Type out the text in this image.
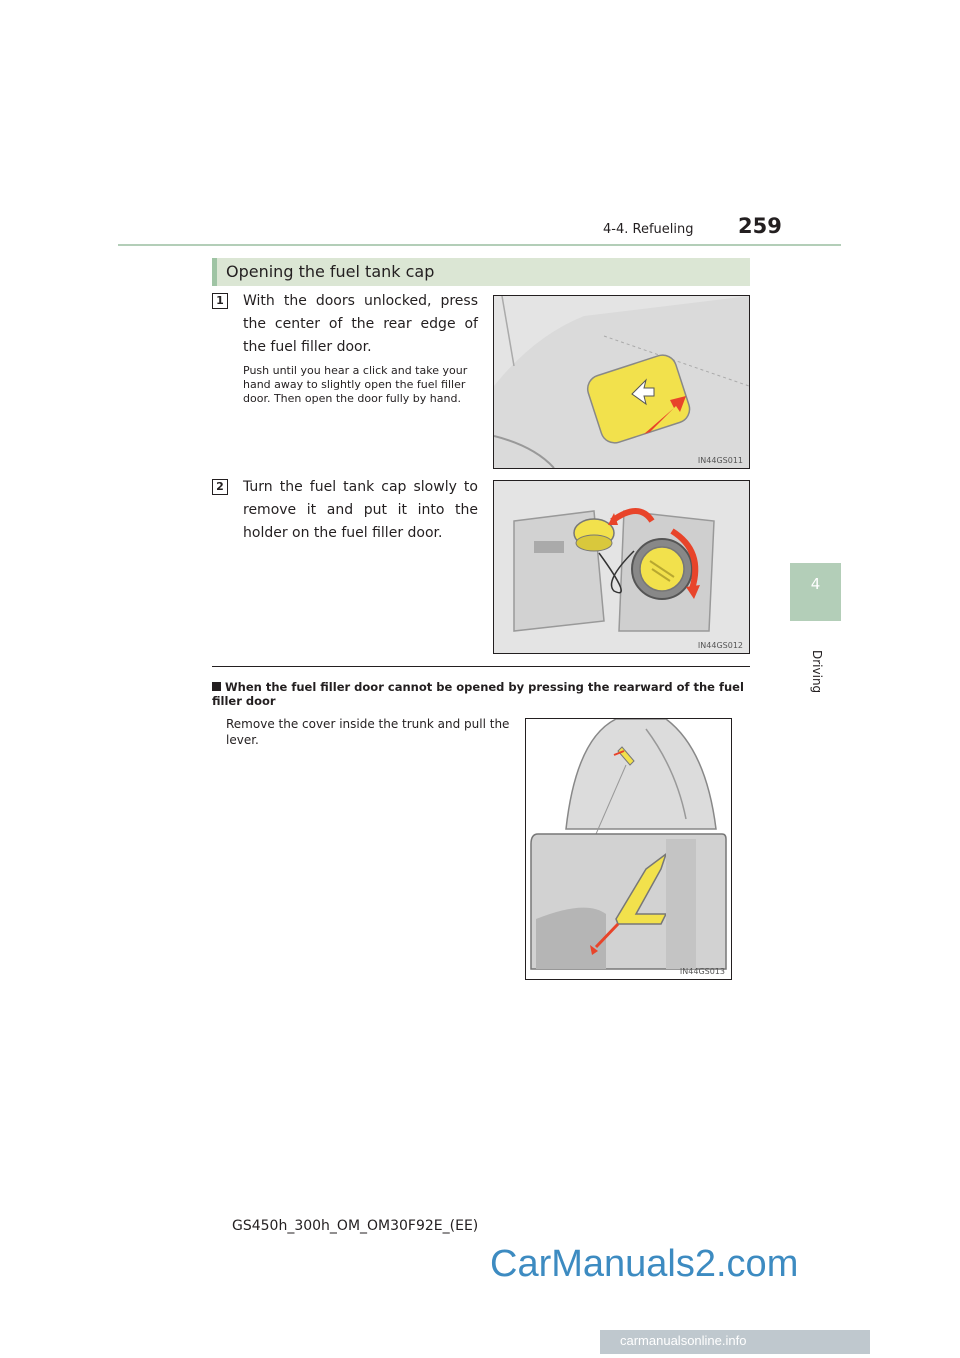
4-4. Refueling 259
4
Driving
Opening the fuel tank cap
1 With the doors unlocked, press the center of the rear edge of the fuel filler door.
Push until you hear a click and take your hand away to slightly open the fuel filler door. Then open the door fully by hand.
IN44GS011
2 Turn the fuel tank cap slowly to remove it and put it into the holder on the fuel filler door.
IN44GS012
When the fuel filler door cannot be opened by pressing the rearward of the fuel filler door
Remove the cover inside the trunk and pull the lever.
IN44GS013
GS450h_300h_OM_OM30F92E_(EE)
CarManuals2.com
carmanualsonline.info
